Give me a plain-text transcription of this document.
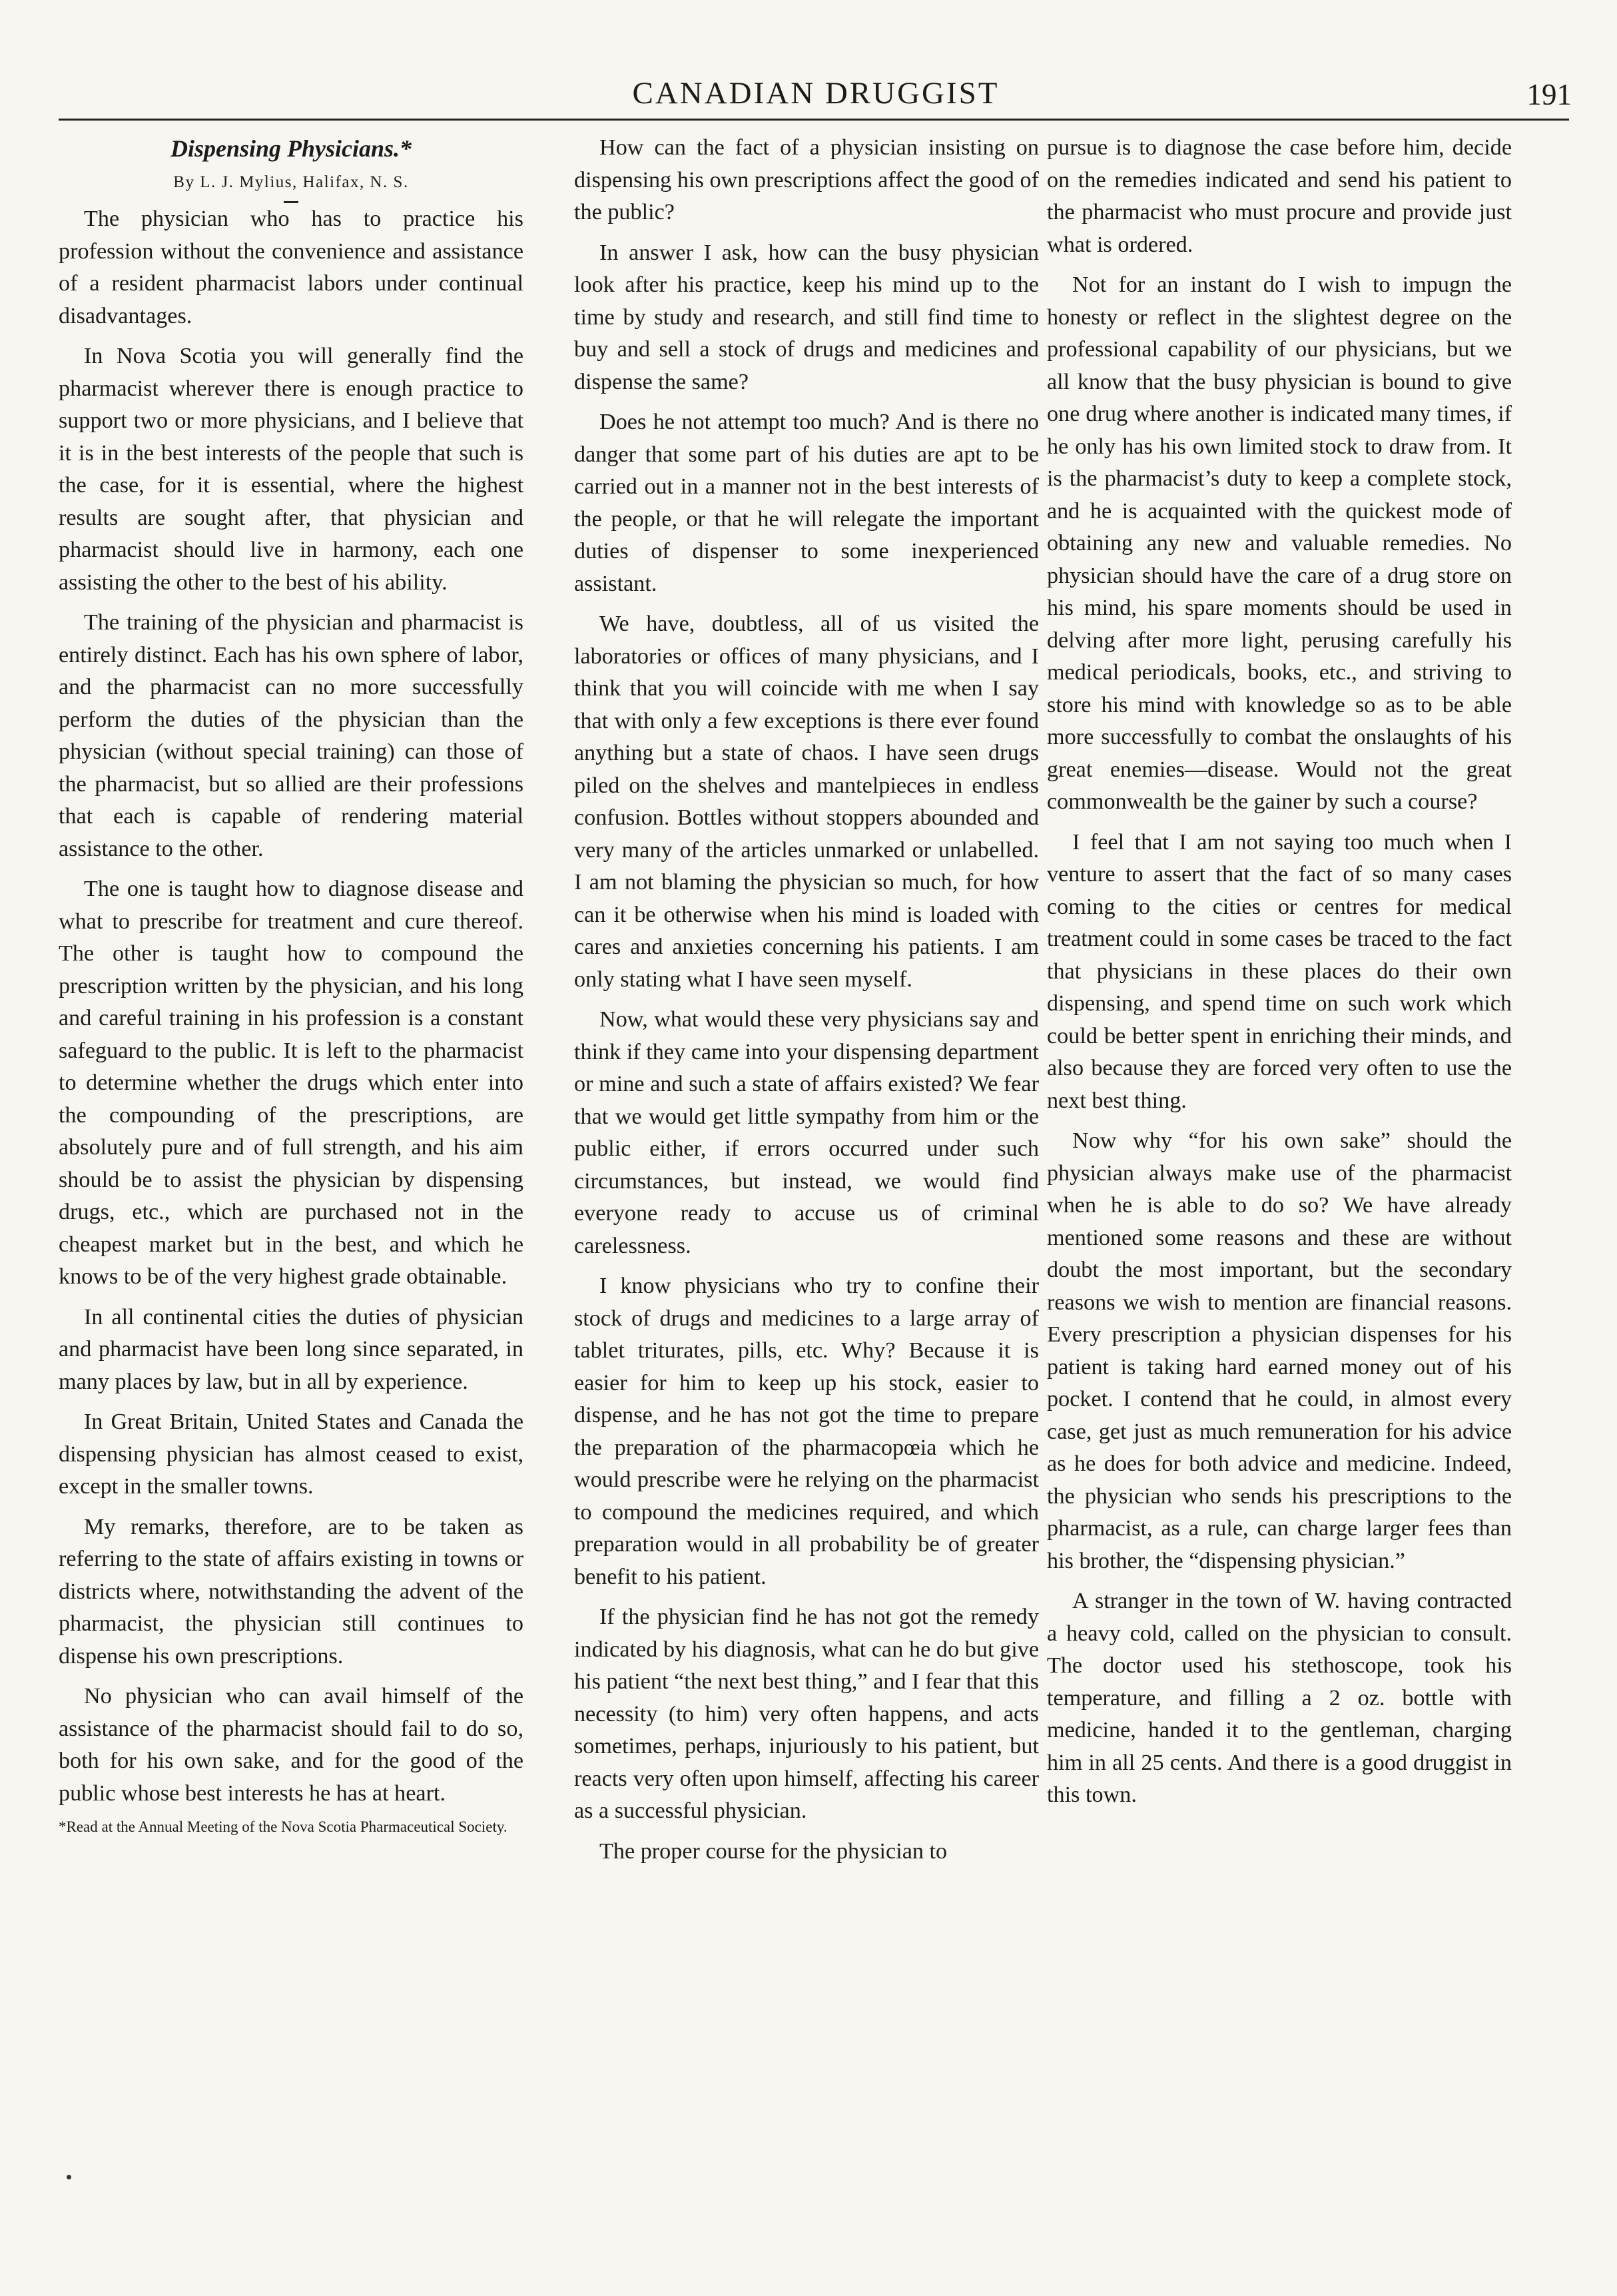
CANADIAN DRUGGIST	191
Dispensing Physicians.*
By L. J. Mylius, Halifax, N. S.

The physician who has to practice his profession without the convenience and assistance of a resident pharmacist labors under continual disadvantages.

In Nova Scotia you will generally find the pharmacist wherever there is enough practice to support two or more physicians, and I believe that it is in the best interests of the people that such is the case, for it is essential, where the highest results are sought after, that physician and pharmacist should live in harmony, each one assisting the other to the best of his ability.

The training of the physician and pharmacist is entirely distinct. Each has his own sphere of labor, and the pharmacist can no more successfully perform the duties of the physician than the physician (without special training) can those of the pharmacist, but so allied are their professions that each is capable of rendering material assistance to the other.

The one is taught how to diagnose disease and what to prescribe for treatment and cure thereof. The other is taught how to compound the prescription written by the physician, and his long and careful training in his profession is a constant safeguard to the public. It is left to the pharmacist to determine whether the drugs which enter into the compounding of the prescriptions, are absolutely pure and of full strength, and his aim should be to assist the physician by dispensing drugs, etc., which are purchased not in the cheapest market but in the best, and which he knows to be of the very highest grade obtainable.

In all continental cities the duties of physician and pharmacist have been long since separated, in many places by law, but in all by experience.

In Great Britain, United States and Canada the dispensing physician has almost ceased to exist, except in the smaller towns.

My remarks, therefore, are to be taken as referring to the state of affairs existing in towns or districts where, notwithstanding the advent of the pharmacist, the physician still continues to dispense his own prescriptions.

No physician who can avail himself of the assistance of the pharmacist should fail to do so, both for his own sake, and for the good of the public whose best interests he has at heart.

*Read at the Annual Meeting of the Nova Scotia Pharmaceutical Society.

How can the fact of a physician insisting on dispensing his own prescriptions affect the good of the public?

In answer I ask, how can the busy physician look after his practice, keep his mind up to the time by study and research, and still find time to buy and sell a stock of drugs and medicines and dispense the same?

Does he not attempt too much? And is there no danger that some part of his duties are apt to be carried out in a manner not in the best interests of the people, or that he will relegate the important duties of dispenser to some inexperienced assistant.

We have, doubtless, all of us visited the laboratories or offices of many physicians, and I think that you will coincide with me when I say that with only a few exceptions is there ever found anything but a state of chaos. I have seen drugs piled on the shelves and mantelpieces in endless confusion. Bottles without stoppers abounded and very many of the articles unmarked or unlabelled. I am not blaming the physician so much, for how can it be otherwise when his mind is loaded with cares and anxieties concerning his patients. I am only stating what I have seen myself.

Now, what would these very physicians say and think if they came into your dispensing department or mine and such a state of affairs existed? We fear that we would get little sympathy from him or the public either, if errors occurred under such circumstances, but instead, we would find everyone ready to accuse us of criminal carelessness.

I know physicians who try to confine their stock of drugs and medicines to a large array of tablet triturates, pills, etc. Why? Because it is easier for him to keep up his stock, easier to dispense, and he has not got the time to prepare the preparation of the pharmacopœia which he would prescribe were he relying on the pharmacist to compound the medicines required, and which preparation would in all probability be of greater benefit to his patient.

If the physician find he has not got the remedy indicated by his diagnosis, what can he do but give his patient “the next best thing,” and I fear that this necessity (to him) very often happens, and acts sometimes, perhaps, injuriously to his patient, but reacts very often upon himself, affecting his career as a successful physician.

The proper course for the physician to

pursue is to diagnose the case before him, decide on the remedies indicated and send his patient to the pharmacist who must procure and provide just what is ordered.

Not for an instant do I wish to impugn the honesty or reflect in the slightest degree on the professional capability of our physicians, but we all know that the busy physician is bound to give one drug where another is indicated many times, if he only has his own limited stock to draw from. It is the pharmacist’s duty to keep a complete stock, and he is acquainted with the quickest mode of obtaining any new and valuable remedies. No physician should have the care of a drug store on his mind, his spare moments should be used in delving after more light, perusing carefully his medical periodicals, books, etc., and striving to store his mind with knowledge so as to be able more successfully to combat the onslaughts of his great enemies—disease. Would not the great commonwealth be the gainer by such a course?

I feel that I am not saying too much when I venture to assert that the fact of so many cases coming to the cities or centres for medical treatment could in some cases be traced to the fact that physicians in these places do their own dispensing, and spend time on such work which could be better spent in enriching their minds, and also because they are forced very often to use the next best thing.

Now why “for his own sake” should the physician always make use of the pharmacist when he is able to do so? We have already mentioned some reasons and these are without doubt the most important, but the secondary reasons we wish to mention are financial reasons. Every prescription a physician dispenses for his patient is taking hard earned money out of his pocket. I contend that he could, in almost every case, get just as much remuneration for his advice as he does for both advice and medicine. Indeed, the physician who sends his prescriptions to the pharmacist, as a rule, can charge larger fees than his brother, the “dispensing physician.”

A stranger in the town of W. having contracted a heavy cold, called on the physician to consult. The doctor used his stethoscope, took his temperature, and filling a 2 oz. bottle with medicine, handed it to the gentleman, charging him in all 25 cents. And there is a good druggist in this town.
